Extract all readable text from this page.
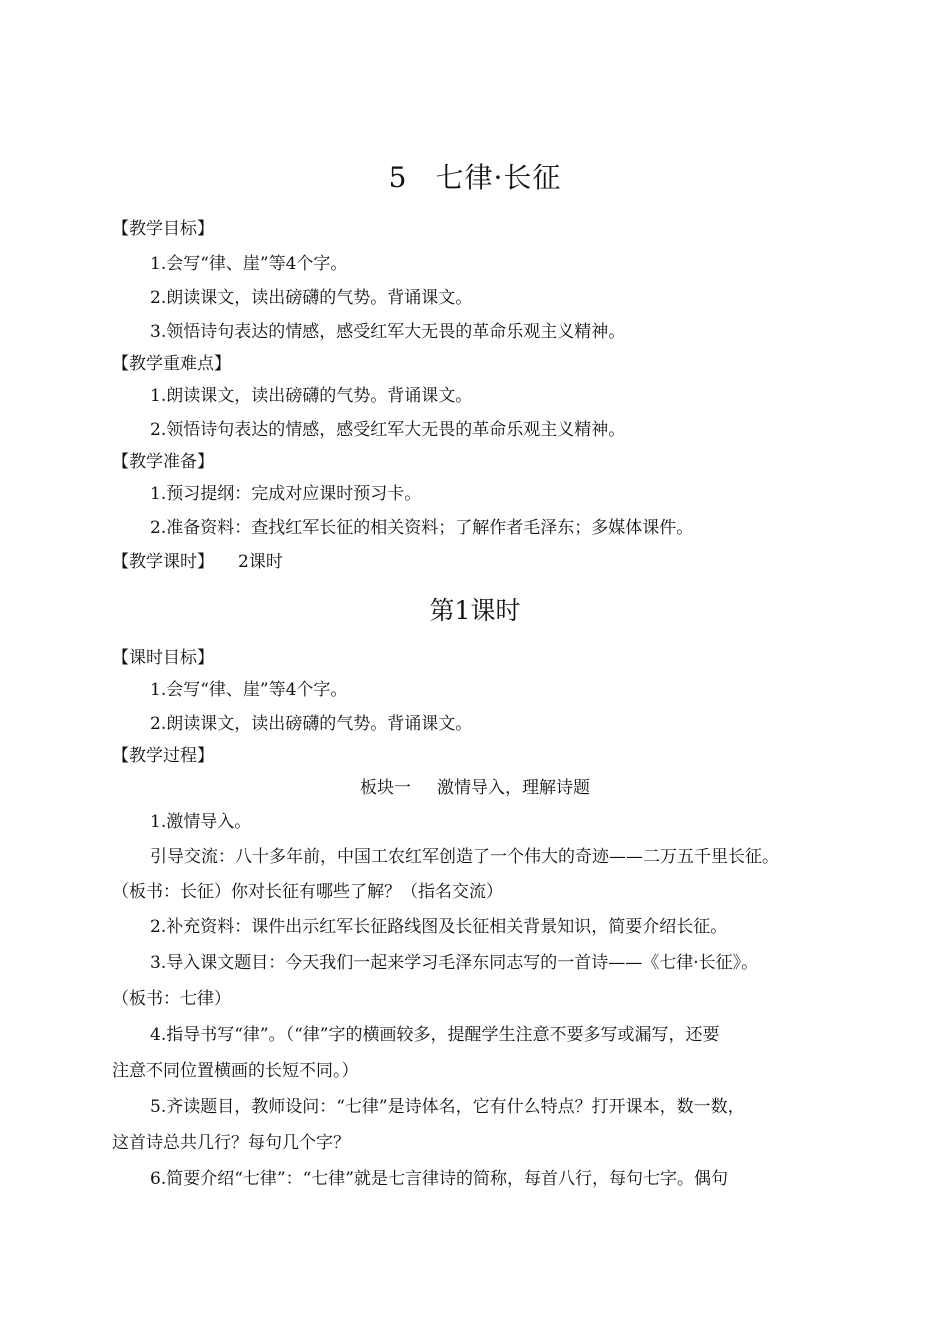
5 七律·长征
【教学目标】
1.会写“律、崖”等4个字。
2.朗读课文，读出磅礴的气势。背诵课文。
3.领悟诗句表达的情感，感受红军大无畏的革命乐观主义精神。
【教学重难点】
1.朗读课文，读出磅礴的气势。背诵课文。
2.领悟诗句表达的情感，感受红军大无畏的革命乐观主义精神。
【教学准备】
1.预习提纲：完成对应课时预习卡。
2.准备资料：查找红军长征的相关资料；了解作者毛泽东；多媒体课件。
【教学课时】 2课时
第1课时
【课时目标】
1.会写“律、崖”等4个字。
2.朗读课文，读出磅礴的气势。背诵课文。
【教学过程】
板块一 激情导入，理解诗题
1.激情导入。
引导交流：八十多年前，中国工农红军创造了一个伟大的奇迹——二万五千里长征。
（板书：长征）你对长征有哪些了解？（指名交流）
2.补充资料：课件出示红军长征路线图及长征相关背景知识，简要介绍长征。
3.导入课文题目：今天我们一起来学习毛泽东同志写的一首诗——《七律·长征》。
（板书：七律）
4.指导书写“律”。（“律”字的横画较多，提醒学生注意不要多写或漏写，还要
注意不同位置横画的长短不同。）
5.齐读题目，教师设问：“七律”是诗体名，它有什么特点？打开课本，数一数，
这首诗总共几行？每句几个字？
6.简要介绍“七律”：“七律”就是七言律诗的简称，每首八行，每句七字。偶句
